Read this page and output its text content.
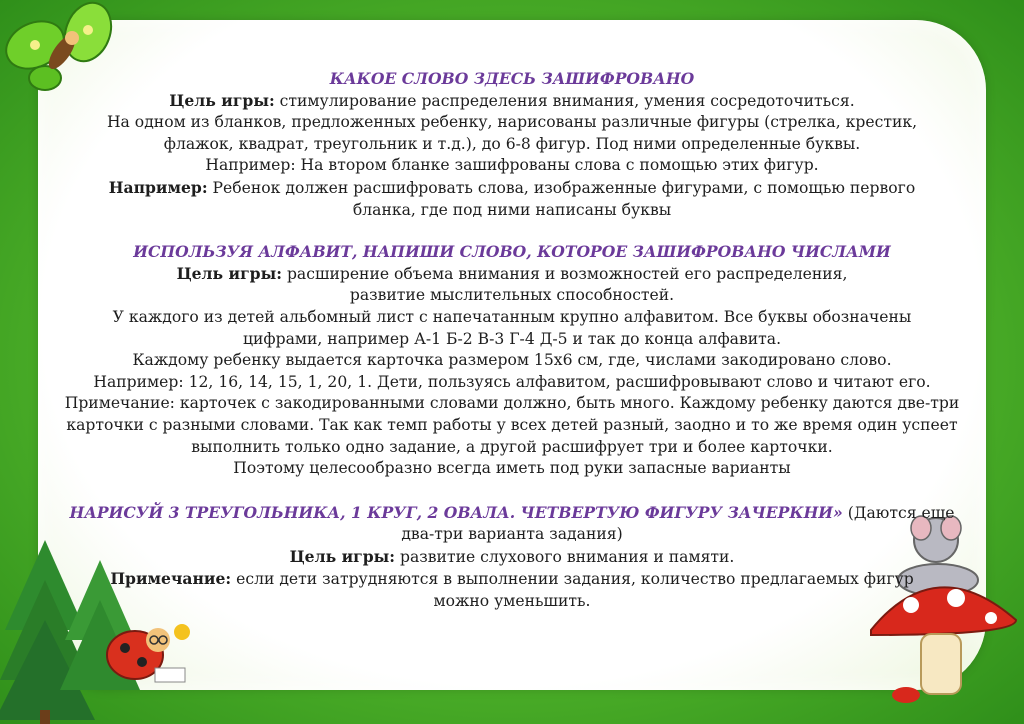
КАКОЕ СЛОВО ЗДЕСЬ ЗАШИФРОВАНО

Цель игры: стимулирование распределения внимания, умения сосредоточиться.

На одном из бланков, предложенных ребенку, нарисованы различные фигуры (стрелка, крестик, флажок, квадрат, треугольник и т.д.), до 6-8 фигур. Под ними определенные буквы.

Например: На втором бланке зашифрованы слова с помощью этих фигур.

Например: Ребенок должен расшифровать слова, изображенные фигурами, с помощью первого бланка, где под ними написаны буквы

ИСПОЛЬЗУЯ АЛФАВИТ, НАПИШИ СЛОВО, КОТОРОЕ ЗАШИФРОВАНО ЧИСЛАМИ

Цель игры: расширение объема внимания и возможностей его распределения, развитие мыслительных способностей.

У каждого из детей альбомный лист с напечатанным крупно алфавитом. Все буквы обозначены цифрами, например А-1 Б-2 В-3 Г-4 Д-5 и так до конца алфавита.

Каждому ребенку выдается карточка размером 15х6 см, где, числами закодировано слово.

Например: 12, 16, 14, 15, 1, 20, 1. Дети, пользуясь алфавитом, расшифровывают слово и читают его.

Примечание: карточек с закодированными словами должно, быть много. Каждому ребенку даются две-три карточки с разными словами. Так как темп работы у всех детей разный, заодно и то же время один успеет выполнить только одно задание, а другой расшифрует три и более карточки.

Поэтому целесообразно всегда иметь под руки запасные варианты

НАРИСУЙ 3 ТРЕУГОЛЬНИКА, 1 КРУГ, 2 ОВАЛА. ЧЕТВЕРТУЮ ФИГУРУ ЗАЧЕРКНИ» (Даются еще два-три варианта задания)

Цель игры: развитие слухового внимания и памяти.

Примечание: если дети затрудняются в выполнении задания, количество предлагаемых фигур можно уменьшить.
